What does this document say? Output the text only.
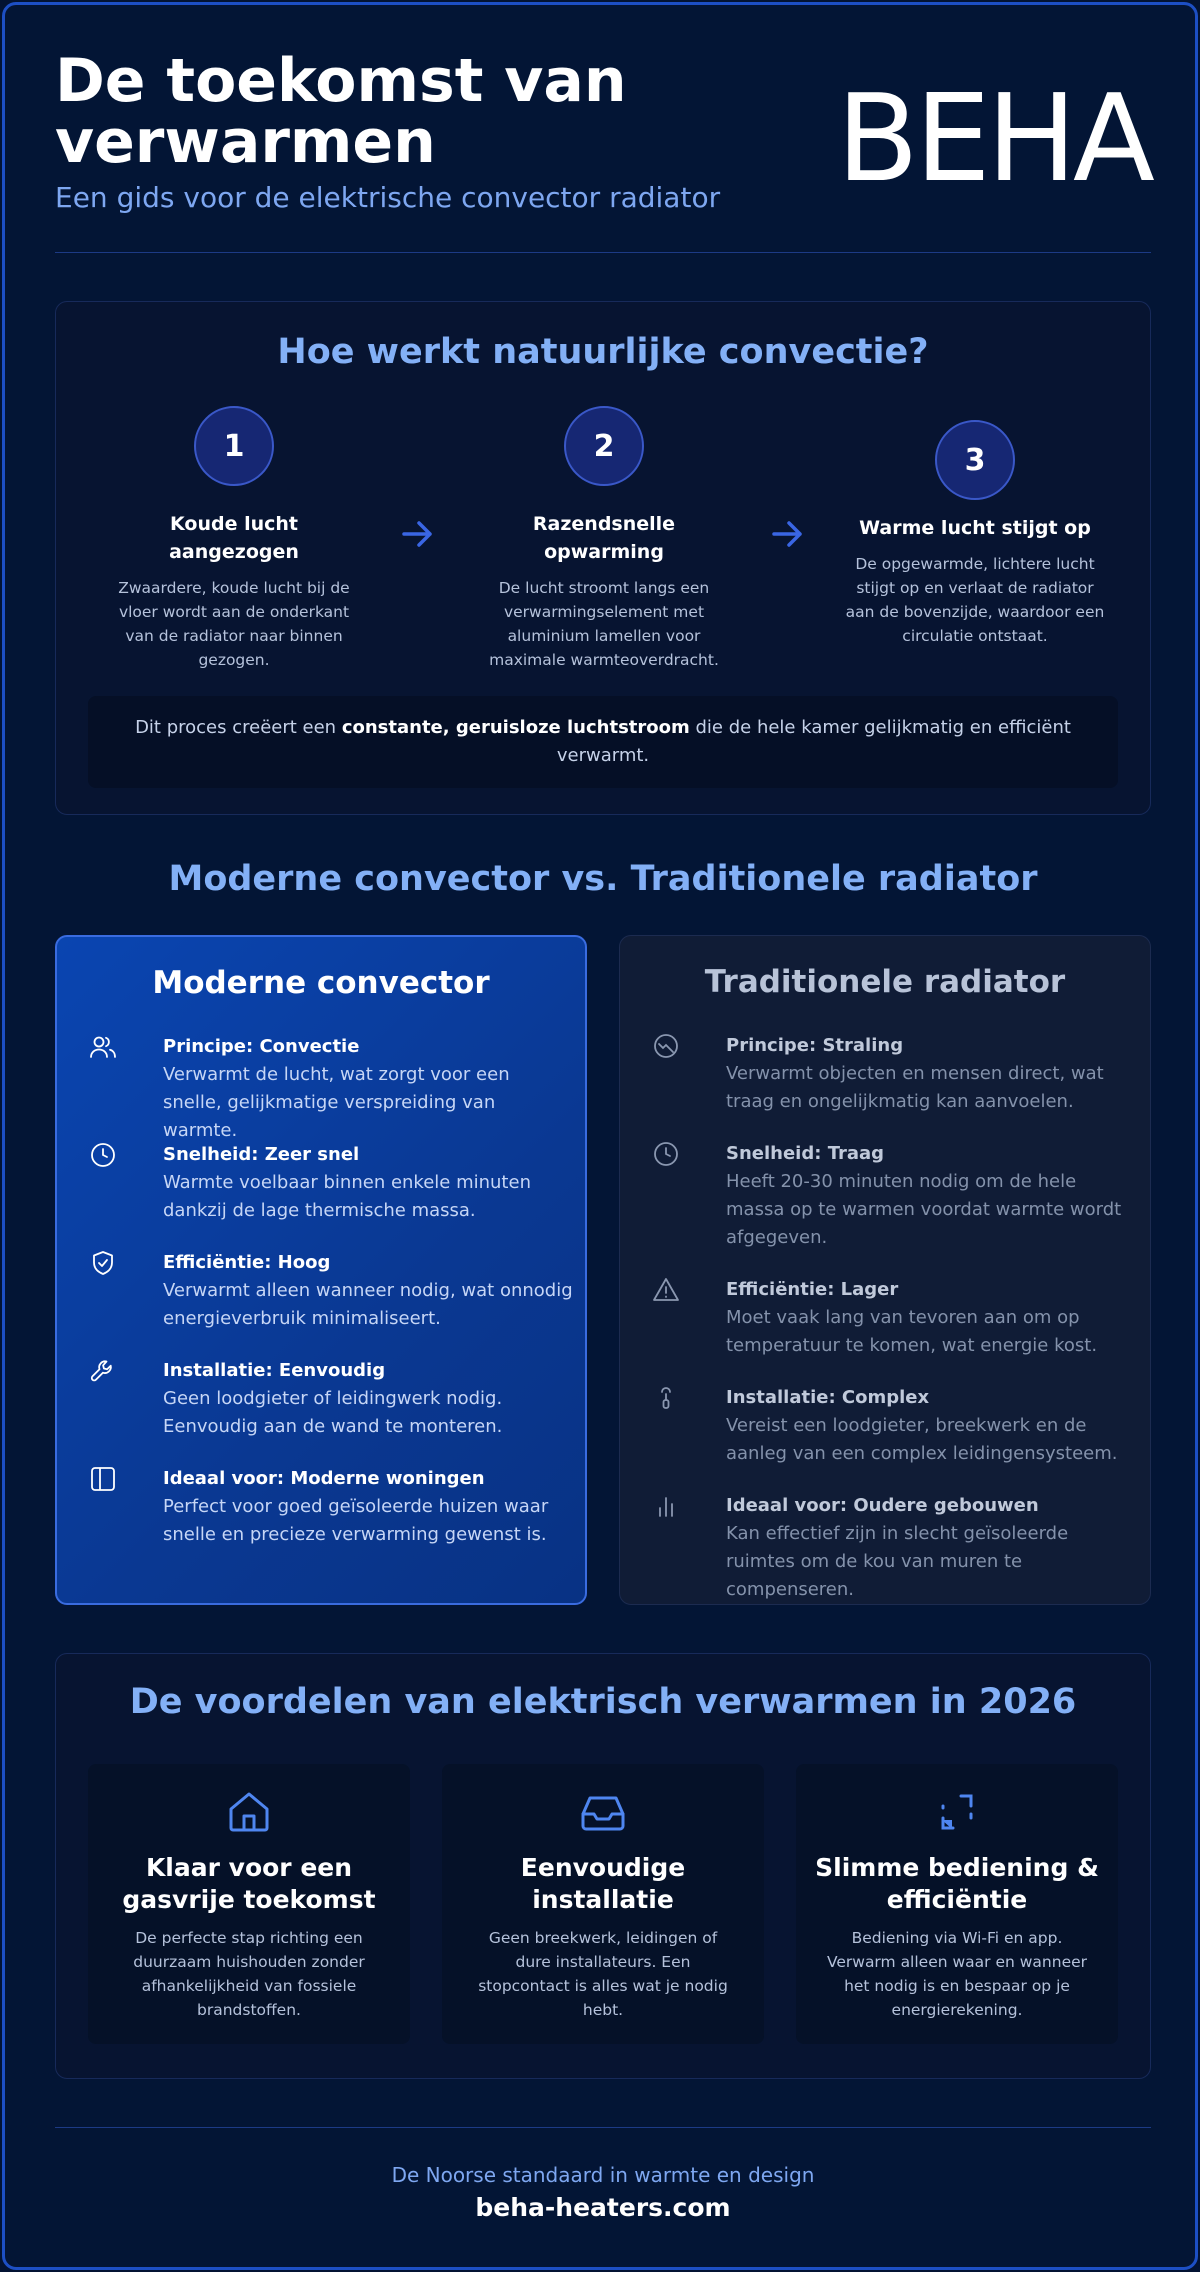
De toekomst van verwarmen
Een gids voor de elektrische convector radiator BEHA
Hoe werkt natuurlijke convectie?
1
Koude lucht aangezogen
Zwaardere, koude lucht bij de vloer wordt aan de onderkant van de radiator naar binnen gezogen.
2
Razendsnelle opwarming
De lucht stroomt langs een verwarmingselement met aluminium lamellen voor maximale warmteoverdracht.
3
Warme lucht stijgt op
De opgewarmde, lichtere lucht stijgt op en verlaat de radiator aan de bovenzijde, waardoor een circulatie ontstaat.
Dit proces creëert een constante, geruisloze luchtstroom die de hele kamer gelijkmatig en efficiënt verwarmt.
Moderne convector vs. Traditionele radiator
Moderne convector
Principe: Convectie
Verwarmt de lucht, wat zorgt voor een snelle, gelijkmatige verspreiding van warmte.
Snelheid: Zeer snel
Warmte voelbaar binnen enkele minuten dankzij de lage thermische massa.
Efficiëntie: Hoog
Verwarmt alleen wanneer nodig, wat onnodig energieverbruik minimaliseert.
Installatie: Eenvoudig
Geen loodgieter of leidingwerk nodig. Eenvoudig aan de wand te monteren.
Ideaal voor: Moderne woningen
Perfect voor goed geïsoleerde huizen waar snelle en precieze verwarming gewenst is.
Traditionele radiator
Principe: Straling
Verwarmt objecten en mensen direct, wat traag en ongelijkmatig kan aanvoelen.
Snelheid: Traag
Heeft 20-30 minuten nodig om de hele massa op te warmen voordat warmte wordt afgegeven.
Efficiëntie: Lager
Moet vaak lang van tevoren aan om op temperatuur te komen, wat energie kost.
Installatie: Complex
Vereist een loodgieter, breekwerk en de aanleg van een complex leidingensysteem.
Ideaal voor: Oudere gebouwen
Kan effectief zijn in slecht geïsoleerde ruimtes om de kou van muren te compenseren.
De voordelen van elektrisch verwarmen in 2026
Klaar voor een gasvrije toekomst
De perfecte stap richting een duurzaam huishouden zonder afhankelijkheid van fossiele brandstoffen.
Eenvoudige installatie
Geen breekwerk, leidingen of dure installateurs. Een stopcontact is alles wat je nodig hebt.
Slimme bediening & efficiëntie
Bediening via Wi-Fi en app. Verwarm alleen waar en wanneer het nodig is en bespaar op je energierekening.
De Noorse standaard in warmte en design
beha-heaters.com
